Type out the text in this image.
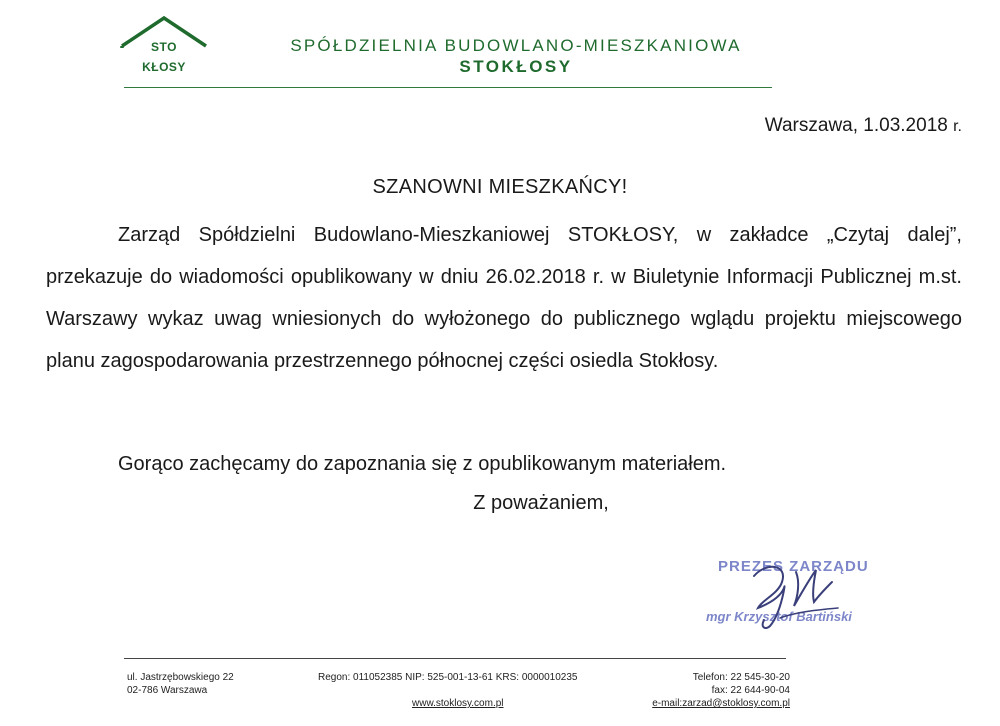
STO
KŁOSY
SPÓŁDZIELNIA BUDOWLANO-MIESZKANIOWA
STOKŁOSY
Warszawa, 1.03.2018 r.
SZANOWNI MIESZKAŃCY!
Zarząd Spółdzielni Budowlano-Mieszkaniowej STOKŁOSY, w zakładce „Czytaj dalej”, przekazuje do wiadomości opublikowany w dniu 26.02.2018 r. w Biuletynie Informacji Publicznej m.st. Warszawy wykaz uwag wniesionych do wyłożonego do publicznego wglądu projektu miejscowego planu zagospodarowania przestrzennego północnej części osiedla Stokłosy.
Gorąco zachęcamy do zapoznania się z opublikowanym materiałem.
Z poważaniem,
PREZES ZARZĄDU
mgr Krzysztof Bartiński
ul. Jastrzębowskiego 22
02-786 Warszawa
Regon: 011052385 NIP: 525-001-13-61 KRS: 0000010235
www.stoklosy.com.pl
Telefon: 22 545-30-20
fax: 22 644-90-04
e-mail:zarzad@stoklosy.com.pl
